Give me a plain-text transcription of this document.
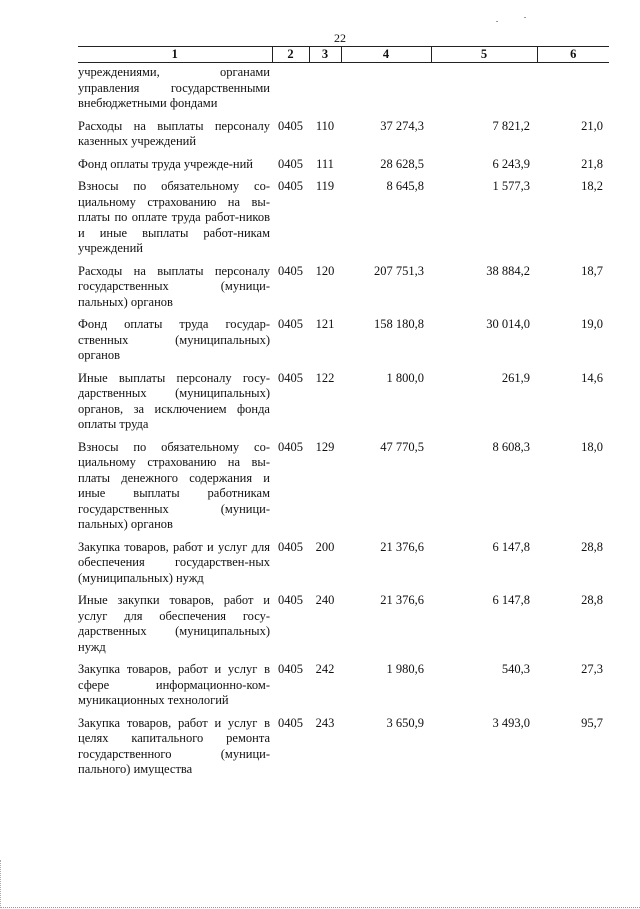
22
1	2	3	4	5	6
учреждениями, органами управления государственными внебюджетными фондами					

Расходы на выплаты персоналу казенных учреждений	0405	110	37 274,3	7 821,2	21,0

Фонд оплаты труда учрежде-ний	0405	111	28 628,5	6 243,9	21,8

Взносы по обязательному со-циальному страхованию на вы-платы по оплате труда работ-ников и иные выплаты работ-никам учреждений	0405	119	8 645,8	1 577,3	18,2

Расходы на выплаты персоналу государственных (муници-пальных) органов	0405	120	207 751,3	38 884,2	18,7

Фонд оплаты труда государ-ственных (муниципальных) органов	0405	121	158 180,8	30 014,0	19,0

Иные выплаты персоналу госу-дарственных (муниципальных) органов, за исключением фонда оплаты труда	0405	122	1 800,0	261,9	14,6

Взносы по обязательному со-циальному страхованию на вы-платы денежного содержания и иные выплаты работникам государственных (муници-пальных) органов	0405	129	47 770,5	8 608,3	18,0

Закупка товаров, работ и услуг для обеспечения государствен-ных (муниципальных) нужд	0405	200	21 376,6	6 147,8	28,8

Иные закупки товаров, работ и услуг для обеспечения госу-дарственных (муниципальных) нужд	0405	240	21 376,6	6 147,8	28,8

Закупка товаров, работ и услуг в сфере информационно-ком-муникационных технологий	0405	242	1 980,6	540,3	27,3

Закупка товаров, работ и услуг в целях капитального ремонта государственного (муници-пального) имущества	0405	243	3 650,9	3 493,0	95,7
